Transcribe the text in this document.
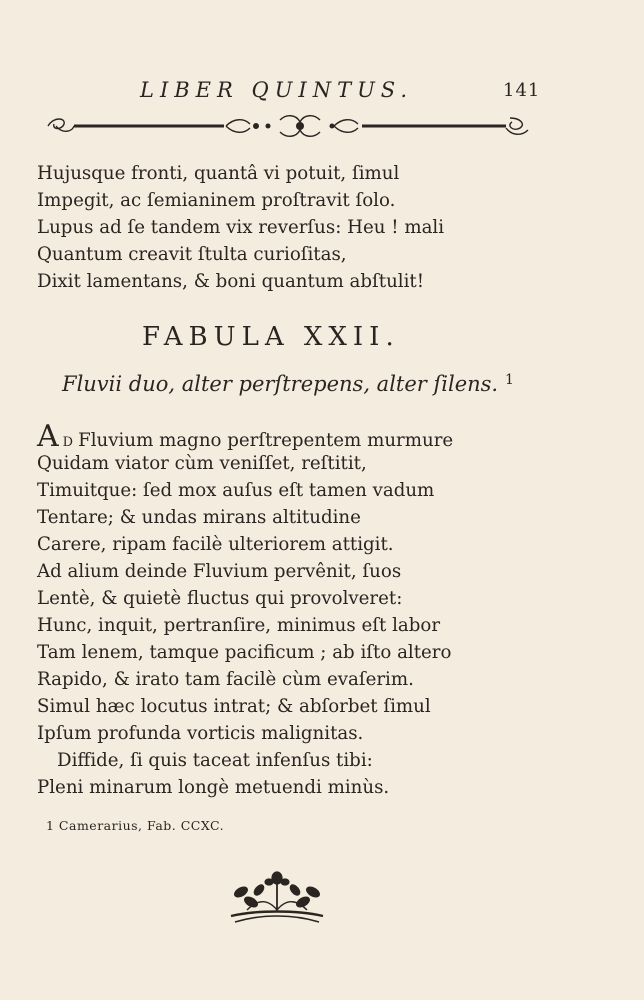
LIBER QUINTUS.	141
Hujusque fronti, quantâ vi potuit, ſimul
Impegit, ac ſemianinem proſtravit ſolo.
Lupus ad ſe tandem vix reverſus: Heu ! mali
Quantum creavit ſtulta curioſitas,
Dixit lamentans, & boni quantum abſtulit!
FABULA XXII.
Fluvii duo, alter perſtrepens, alter ſilens. 1
A D Fluvium magno perſtrepentem murmure
Quidam viator cùm veniſſet, reſtitit,
Timuitque: ſed mox auſus eſt tamen vadum
Tentare; & undas mirans altitudine
Carere, ripam facilè ulteriorem attigit.
Ad alium deinde Fluvium pervênit, ſuos
Lentè, & quietè fluctus qui provolveret:
Hunc, inquit, pertranſire, minimus eſt labor
Tam lenem, tamque pacificum ; ab iſto altero
Rapido, & irato tam facilè cùm evaſerim.
Simul hæc locutus intrat; & abſorbet ſimul
Ipſum profunda vorticis malignitas.
Diffide, ſi quis taceat infenſus tibi:
Pleni minarum longè metuendi minùs.
1 Camerarius, Fab. CCXC.
